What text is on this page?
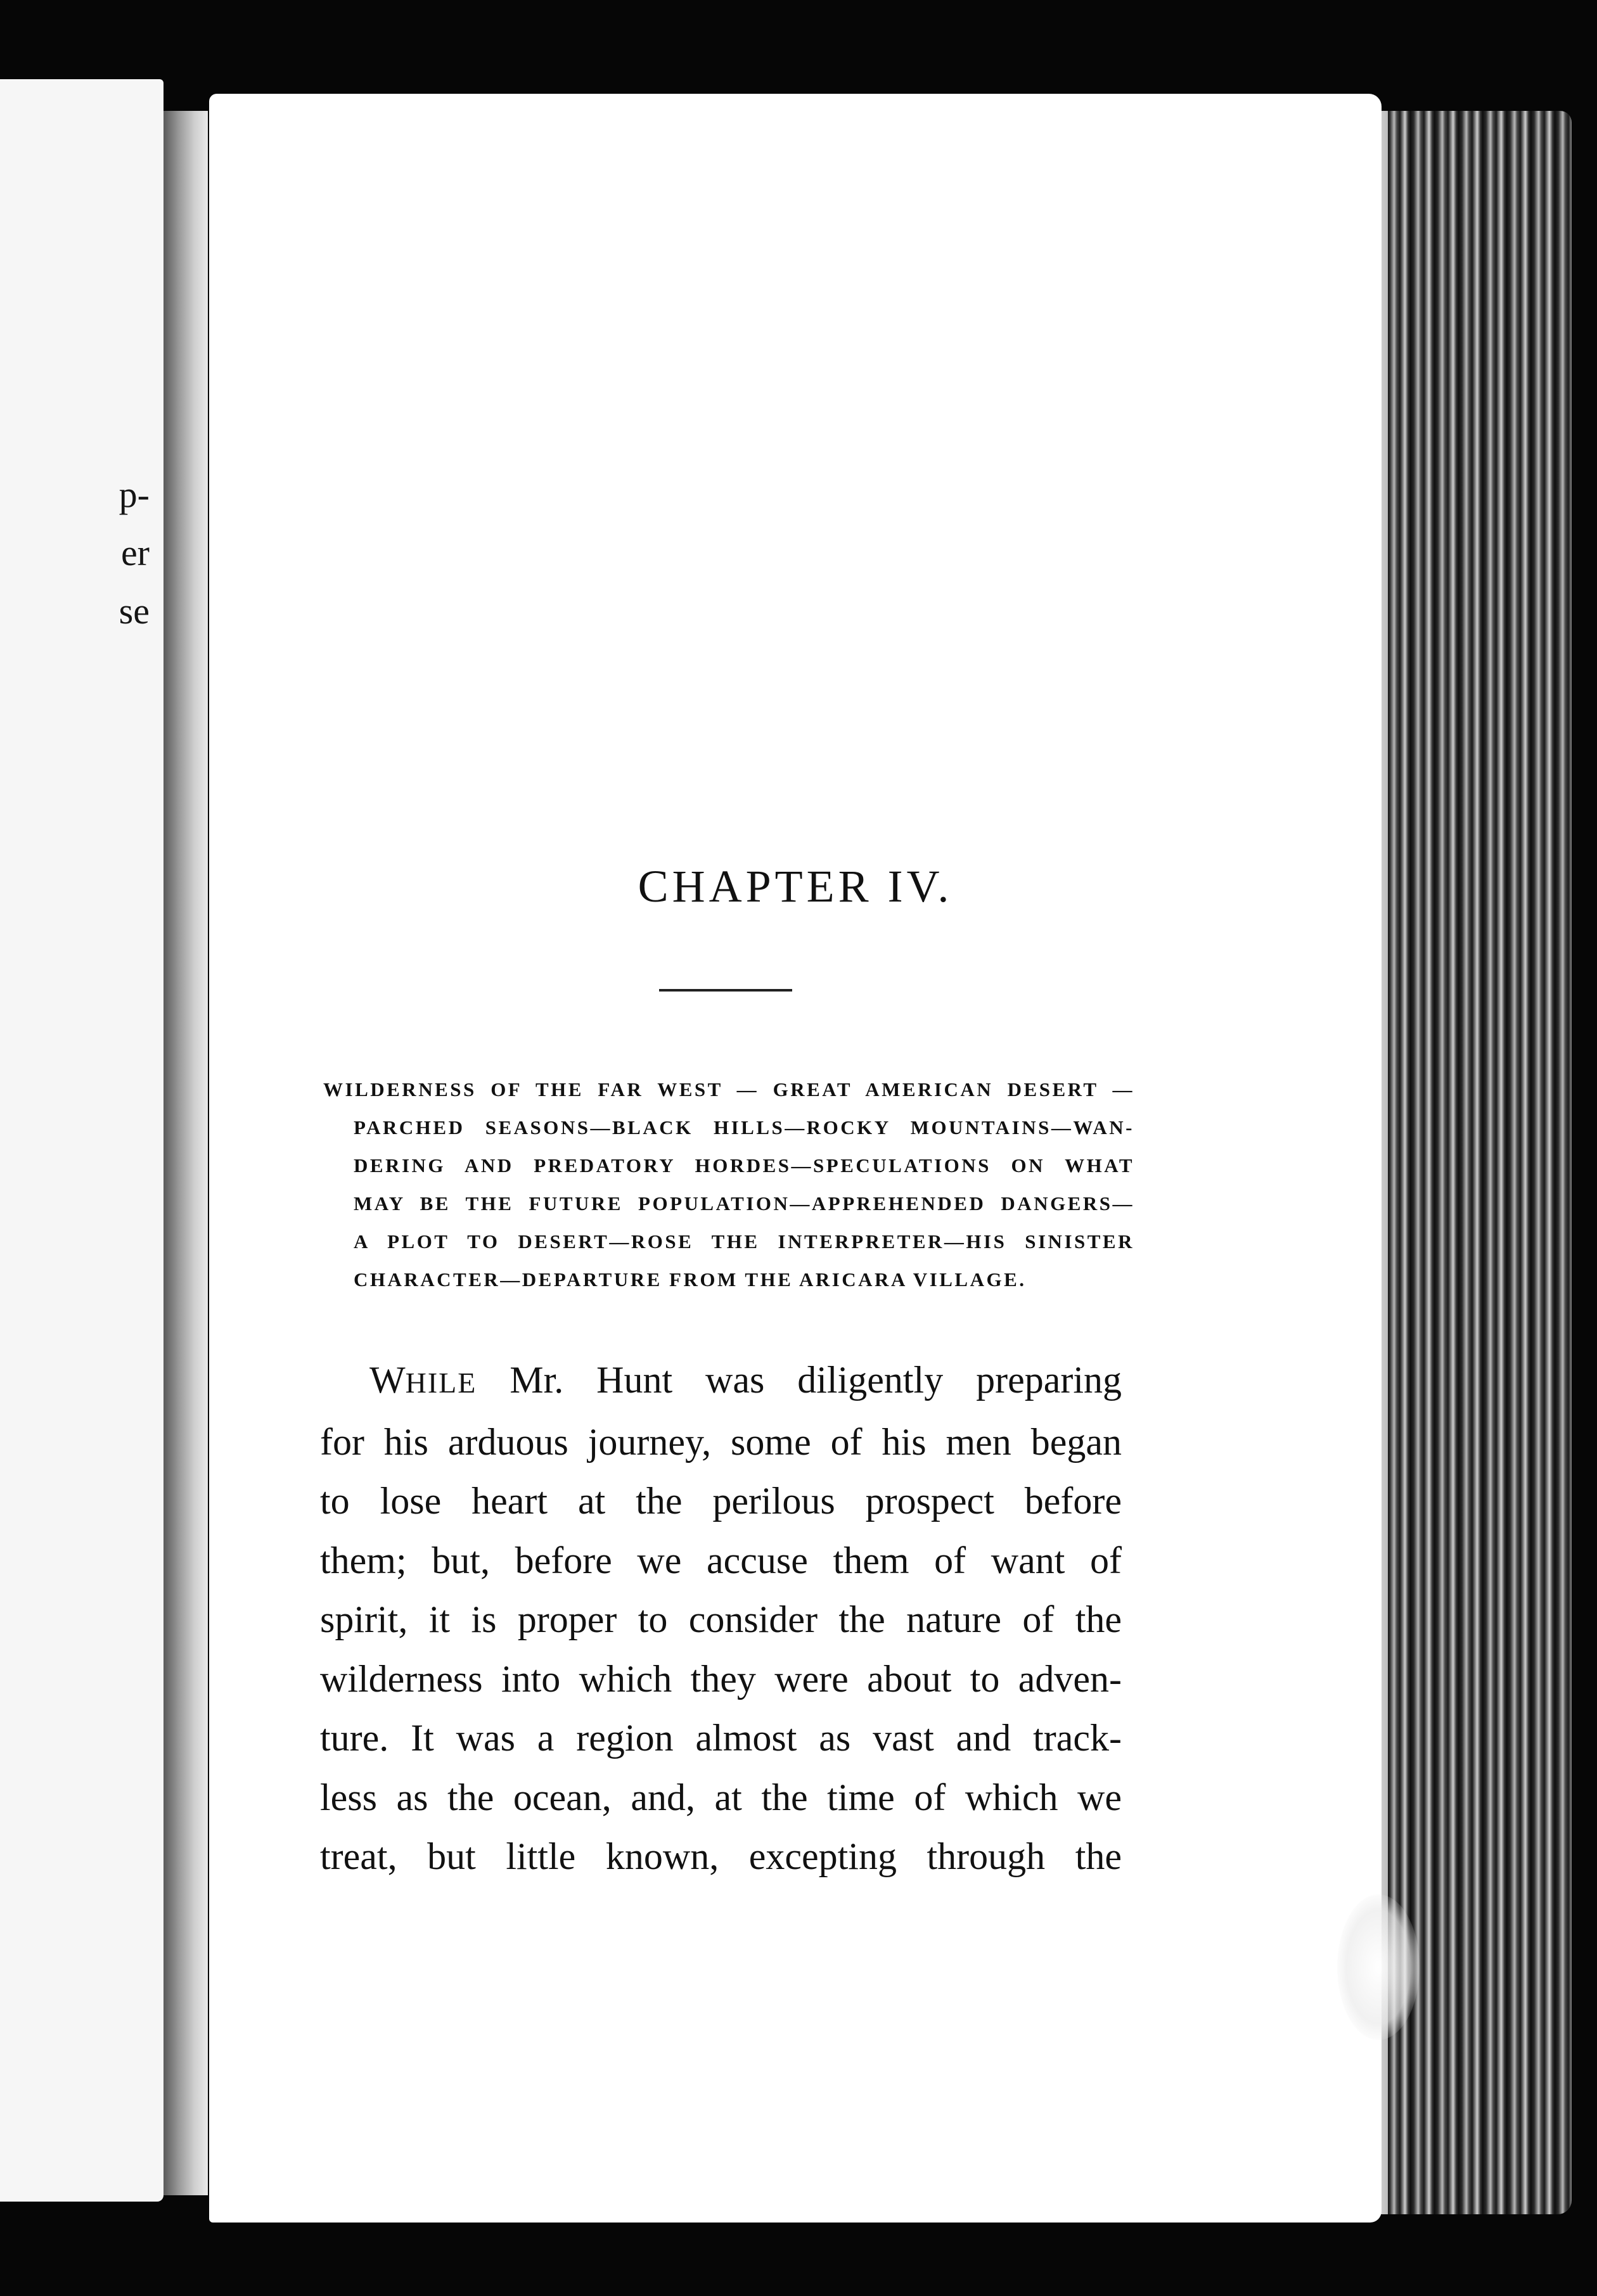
p-
er
se
CHAPTER IV.
WILDERNESS OF THE FAR WEST — GREAT AMERICAN DESERT —
PARCHED SEASONS—BLACK HILLS—ROCKY MOUNTAINS—WAN-
DERING AND PREDATORY HORDES—SPECULATIONS ON WHAT
MAY BE THE FUTURE POPULATION—APPREHENDED DANGERS—
A PLOT TO DESERT—ROSE THE INTERPRETER—HIS SINISTER
CHARACTER—DEPARTURE FROM THE ARICARA VILLAGE.
WHILE Mr. Hunt was diligently preparing
for his arduous journey, some of his men began
to lose heart at the perilous prospect before
them; but, before we accuse them of want of
spirit, it is proper to consider the nature of the
wilderness into which they were about to adven-
ture. It was a region almost as vast and track-
less as the ocean, and, at the time of which we
treat, but little known, excepting through the
